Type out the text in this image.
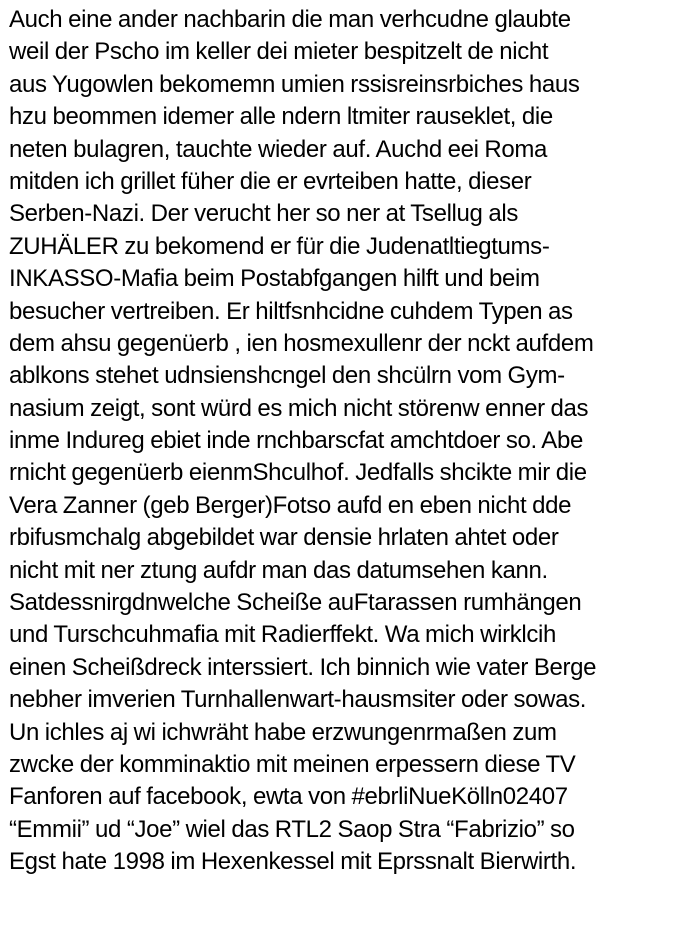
Auch eine ander nachbarin die man verhcudne glaubte
weil der Pscho im keller dei mieter bespitzelt de nicht
aus Yugowlen bekomemn umien rssisreinsrbiches haus
hzu beommen idemer alle ndern ltmiter rauseklet, die
neten bulagren, tauchte wieder auf. Auchd eei Roma
mitden ich grillet füher die er evrteiben hatte, dieser
Serben-Nazi. Der verucht her so ner at Tsellug als
ZUHÄLER zu bekomend er für die Judenatltiegtums-
INKASSO-Mafia beim Postabfgangen hilft und beim
besucher vertreiben. Er hiltfsnhcidne cuhdem Typen as
dem ahsu gegenüerb , ien hosmexullenr der nckt aufdem
ablkons stehet udnsienshcngel den shcülrn vom Gym-
nasium zeigt, sont würd es mich nicht störenw enner das
inme Indureg ebiet inde rnchbarscfat amchtdoer so. Abe
rnicht gegenüerb eienmShculhof. Jedfalls shcikte mir die
Vera Zanner (geb Berger)Fotso aufd en eben nicht dde
rbifusmchalg abgebildet war densie hrlaten ahtet oder
nicht mit ner ztung aufdr man das datumsehen kann.
Satdessnirgdnwelche Scheiße auFtarassen rumhängen
und Turschcuhmafia mit Radierffekt. Wa mich wirklcih
einen Scheißdreck interssiert. Ich binnich wie vater Berge
nebher imverien Turnhallenwart-hausmsiter oder sowas.
Un ichles aj wi ichwräht habe erzwungenrmaßen zum
zwcke der komminaktio mit meinen erpessern diese TV
Fanforen auf facebook, ewta von #ebrliNueKölln02407
“Emmii” ud “Joe” wiel das RTL2 Saop Stra “Fabrizio” so
Egst hate 1998 im Hexenkessel mit Eprssnalt Bierwirth.
